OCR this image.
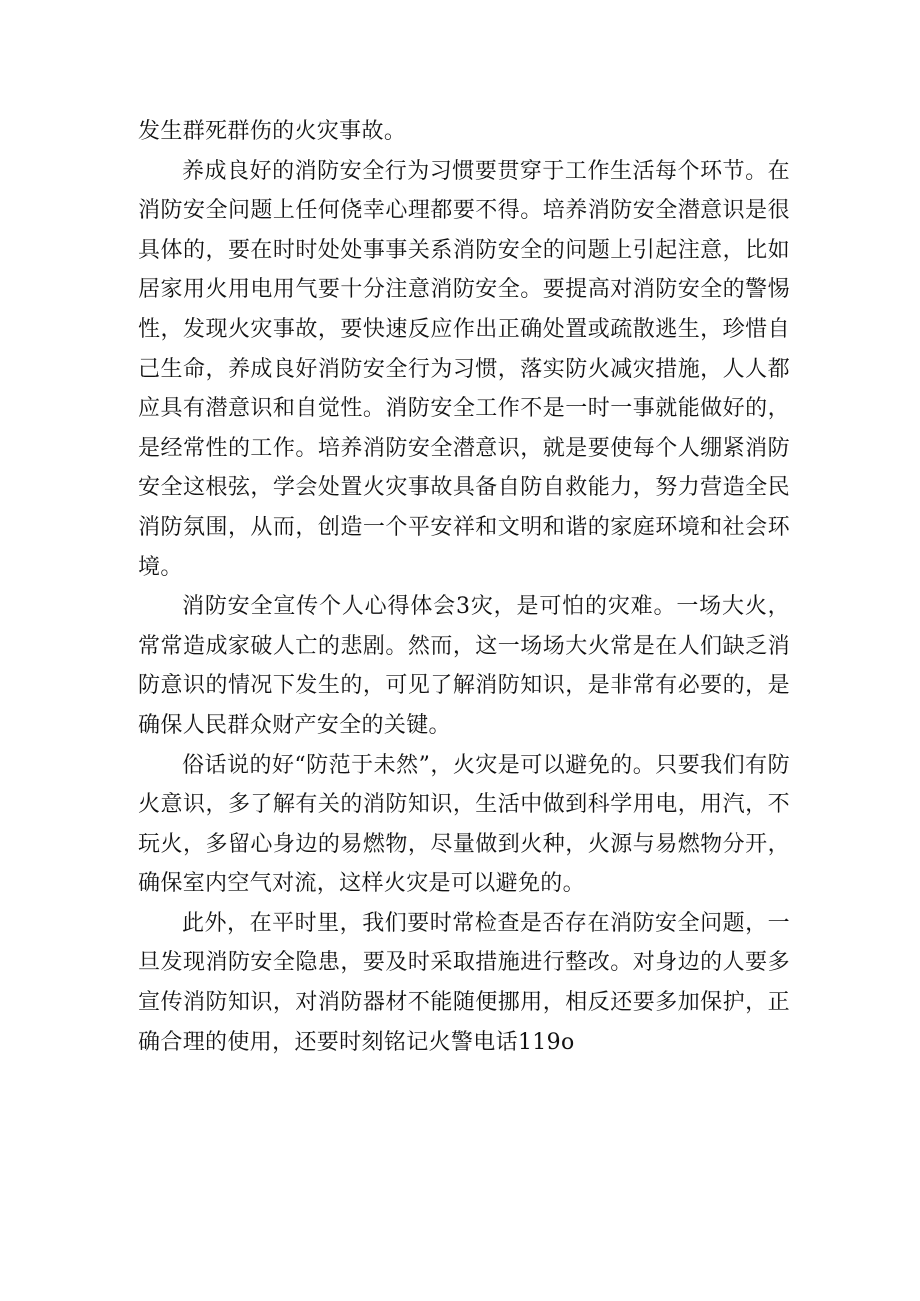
发生群死群伤的火灾事故。

养成良好的消防安全行为习惯要贯穿于工作生活每个环节。在消防安全问题上任何侥幸心理都要不得。培养消防安全潜意识是很具体的，要在时时处处事事关系消防安全的问题上引起注意，比如居家用火用电用气要十分注意消防安全。要提高对消防安全的警惕性，发现火灾事故，要快速反应作出正确处置或疏散逃生，珍惜自己生命，养成良好消防安全行为习惯，落实防火减灾措施，人人都应具有潜意识和自觉性。消防安全工作不是一时一事就能做好的，是经常性的工作。培养消防安全潜意识，就是要使每个人绷紧消防安全这根弦，学会处置火灾事故具备自防自救能力，努力营造全民消防氛围，从而，创造一个平安祥和文明和谐的家庭环境和社会环境。

消防安全宣传个人心得体会3灾，是可怕的灾难。一场大火，常常造成家破人亡的悲剧。然而，这一场场大火常是在人们缺乏消防意识的情况下发生的，可见了解消防知识，是非常有必要的，是确保人民群众财产安全的关键。

俗话说的好“防范于未然”，火灾是可以避免的。只要我们有防火意识，多了解有关的消防知识，生活中做到科学用电，用汽，不玩火，多留心身边的易燃物，尽量做到火种，火源与易燃物分开，确保室内空气对流，这样火灾是可以避免的。

此外，在平时里，我们要时常检查是否存在消防安全问题，一旦发现消防安全隐患，要及时采取措施进行整改。对身边的人要多宣传消防知识，对消防器材不能随便挪用，相反还要多加保护，正确合理的使用，还要时刻铭记火警电话119o
